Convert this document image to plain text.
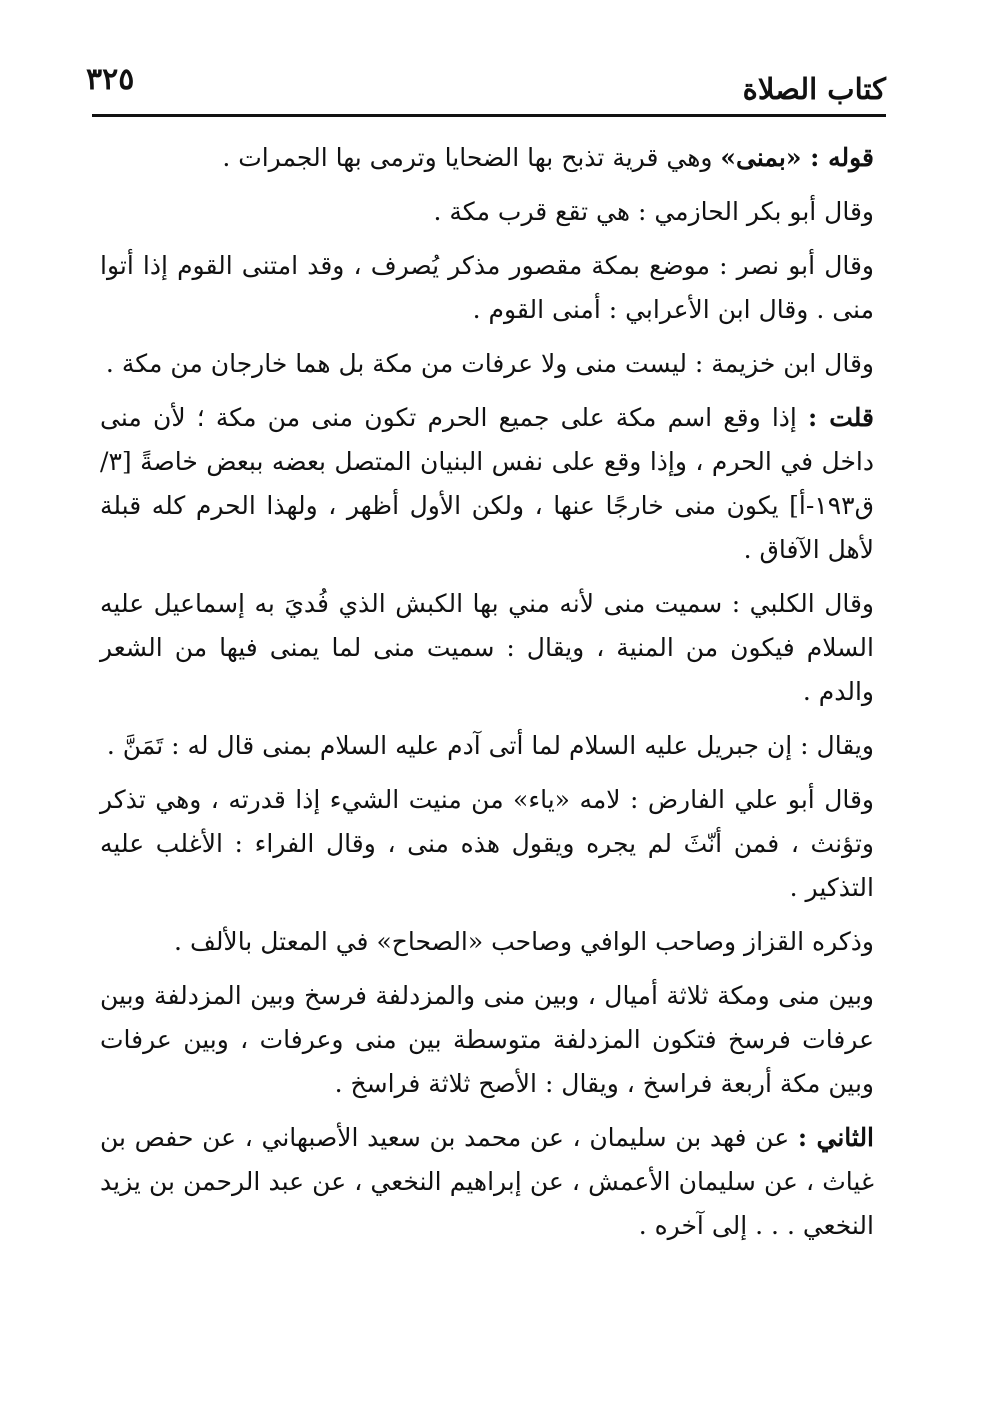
كتاب الصلاة
٣٢٥

قوله : «بمنى» وهي قرية تذبح بها الضحايا وترمى بها الجمرات .

وقال أبو بكر الحازمي : هي تقع قرب مكة .

وقال أبو نصر : موضع بمكة مقصور مذكر يُصرف ، وقد امتنى القوم إذا أتوا منى . وقال ابن الأعرابي : أمنى القوم .

وقال ابن خزيمة : ليست منى ولا عرفات من مكة بل هما خارجان من مكة .

قلت : إذا وقع اسم مكة على جميع الحرم تكون منى من مكة ؛ لأن منى داخل في الحرم ، وإذا وقع على نفس البنيان المتصل بعضه ببعض خاصةً [٣/ ق١٩٣-أ] يكون منى خارجًا عنها ، ولكن الأول أظهر ، ولهذا الحرم كله قبلة لأهل الآفاق .

وقال الكلبي : سميت منى لأنه مني بها الكبش الذي فُديَ به إسماعيل عليه السلام فيكون من المنية ، ويقال : سميت منى لما يمنى فيها من الشعر والدم .

ويقال : إن جبريل عليه السلام لما أتى آدم عليه السلام بمنى قال له : تَمَنَّ .

وقال أبو علي الفارض : لامه «ياء» من منيت الشيء إذا قدرته ، وهي تذكر وتؤنث ، فمن أنّثَ لم يجره ويقول هذه منى ، وقال الفراء : الأغلب عليه التذكير .

وذكره القزاز وصاحب الوافي وصاحب «الصحاح» في المعتل بالألف .

وبين منى ومكة ثلاثة أميال ، وبين منى والمزدلفة فرسخ وبين المزدلفة وبين عرفات فرسخ فتكون المزدلفة متوسطة بين منى وعرفات ، وبين عرفات وبين مكة أربعة فراسخ ، ويقال : الأصح ثلاثة فراسخ .

الثاني : عن فهد بن سليمان ، عن محمد بن سعيد الأصبهاني ، عن حفص بن غياث ، عن سليمان الأعمش ، عن إبراهيم النخعي ، عن عبد الرحمن بن يزيد النخعي . . . إلى آخره .
